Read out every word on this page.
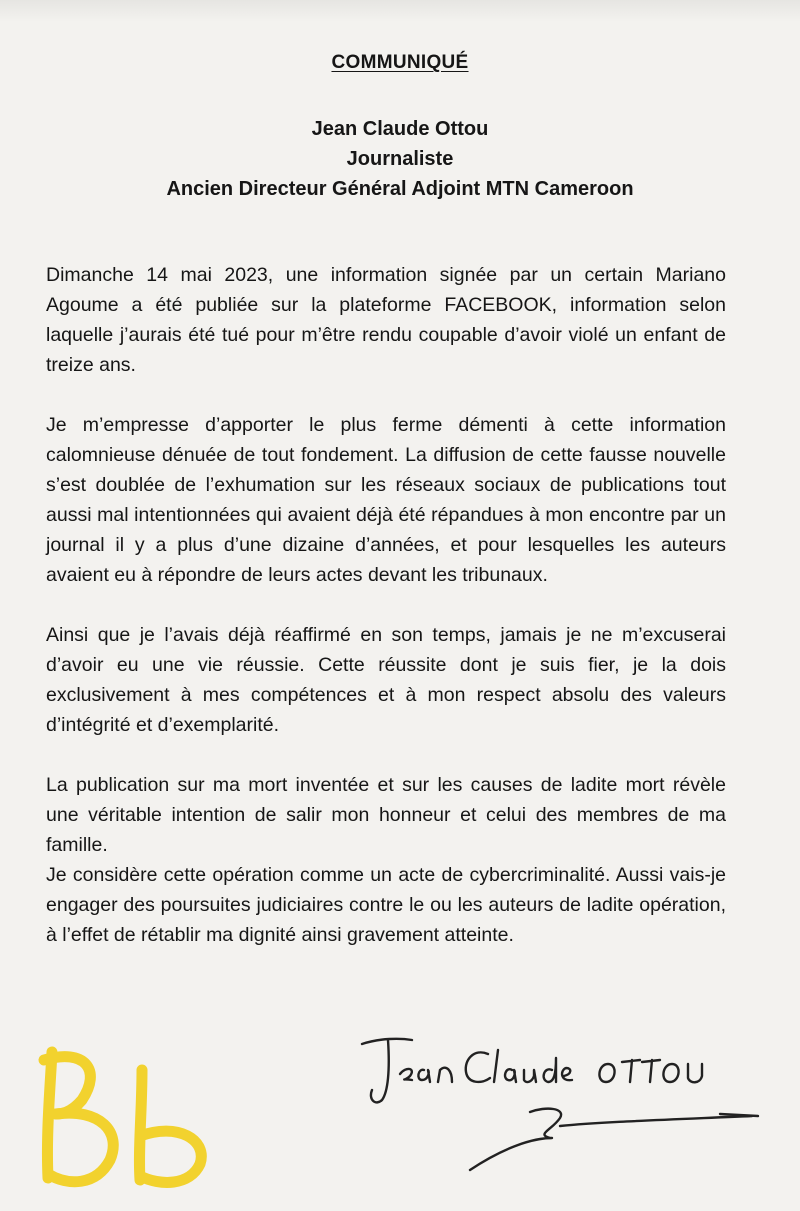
COMMUNIQUÉ
Jean Claude Ottou
Journaliste
Ancien Directeur Général Adjoint MTN Cameroon

Dimanche 14 mai 2023, une information signée par un certain Mariano Agoume a été publiée sur la plateforme FACEBOOK, information selon laquelle j’aurais été tué pour m’être rendu coupable d’avoir violé un enfant de treize ans.

Je m’empresse d’apporter le plus ferme démenti à cette information calomnieuse dénuée de tout fondement. La diffusion de cette fausse nouvelle s’est doublée de l’exhumation sur les réseaux sociaux de publications tout aussi mal intentionnées qui avaient déjà été répandues à mon encontre par un journal il y a plus d’une dizaine d’années, et pour lesquelles les auteurs avaient eu à répondre de leurs actes devant les tribunaux.

Ainsi que je l’avais déjà réaffirmé en son temps, jamais je ne m’excuserai d’avoir eu une vie réussie. Cette réussite dont je suis fier, je la dois exclusivement à mes compétences et à mon respect absolu des valeurs d’intégrité et d’exemplarité.

La publication sur ma mort inventée et sur les causes de ladite mort révèle une véritable intention de salir mon honneur et celui des membres de ma famille.

Je considère cette opération comme un acte de cybercriminalité. Aussi vais-je engager des poursuites judiciaires contre le ou les auteurs de ladite opération, à l’effet de rétablir ma dignité ainsi gravement atteinte.
